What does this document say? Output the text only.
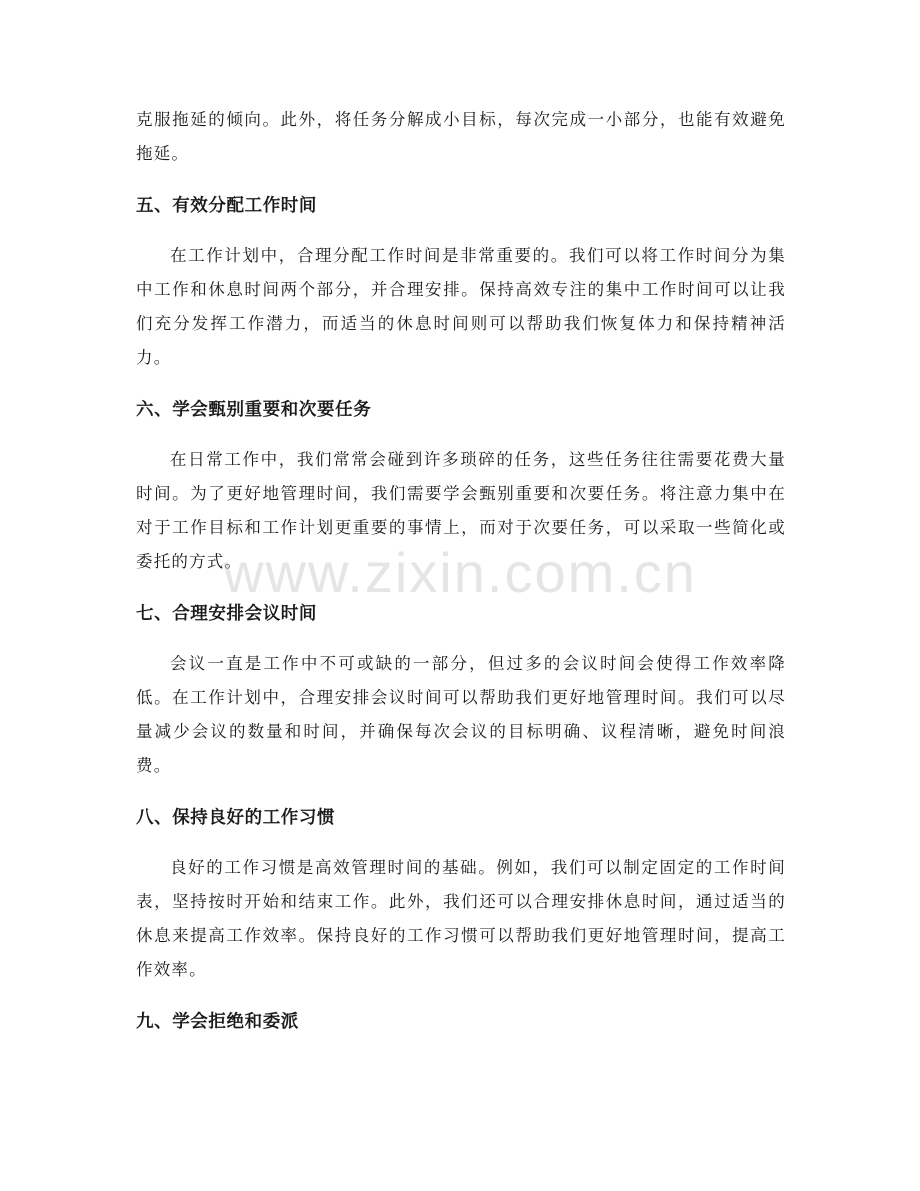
克服拖延的倾向。此外，将任务分解成小目标，每次完成一小部分，也能有效避免拖延。

五、有效分配工作时间

在工作计划中，合理分配工作时间是非常重要的。我们可以将工作时间分为集中工作和休息时间两个部分，并合理安排。保持高效专注的集中工作时间可以让我们充分发挥工作潜力，而适当的休息时间则可以帮助我们恢复体力和保持精神活力。

六、学会甄别重要和次要任务

在日常工作中，我们常常会碰到许多琐碎的任务，这些任务往往需要花费大量时间。为了更好地管理时间，我们需要学会甄别重要和次要任务。将注意力集中在对于工作目标和工作计划更重要的事情上，而对于次要任务，可以采取一些简化或委托的方式。

七、合理安排会议时间

会议一直是工作中不可或缺的一部分，但过多的会议时间会使得工作效率降低。在工作计划中，合理安排会议时间可以帮助我们更好地管理时间。我们可以尽量减少会议的数量和时间，并确保每次会议的目标明确、议程清晰，避免时间浪费。

八、保持良好的工作习惯

良好的工作习惯是高效管理时间的基础。例如，我们可以制定固定的工作时间表，坚持按时开始和结束工作。此外，我们还可以合理安排休息时间，通过适当的休息来提高工作效率。保持良好的工作习惯可以帮助我们更好地管理时间，提高工作效率。

九、学会拒绝和委派
www.zixin.com.cn
